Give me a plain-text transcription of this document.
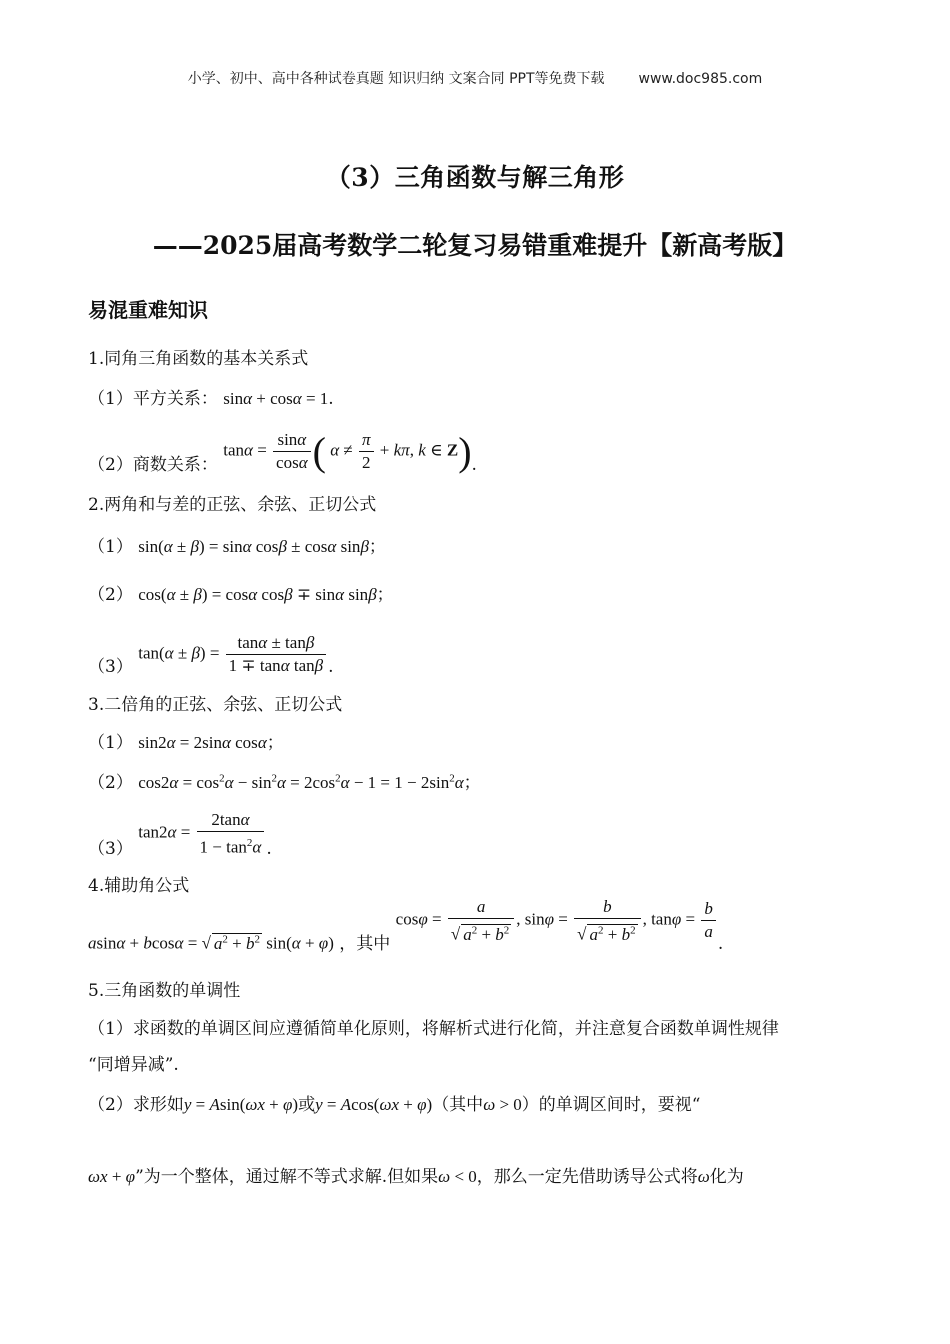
小学、初中、高中各种试卷真题 知识归纳 文案合同 PPT等免费下载 www.doc985.com
（3）三角函数与解三角形
——2025届高考数学二轮复习易错重难提升【新高考版】
易混重难知识
1.同角三角函数的基本关系式
（1）平方关系： sinα + cosα = 1.
（2）商数关系： $\tan\alpha = \frac{\sin\alpha}{\cos\alpha}$ ( $\alpha \ne \frac{\pi}{2} + k\pi$, k ∈ Z).
2.两角和与差的正弦、余弦、正切公式
（1） sin(α ± β) = sinα cosβ ± cosα sinβ；
（2） cos(α ± β) = cosα cosβ ∓ sinα sinβ；
（3） $\tan(\alpha \pm \beta) = \frac{\tan\alpha \pm \tan\beta}{\text{1 ∓ tanα tanβ}}$ .
3.二倍角的正弦、余弦、正切公式
（1） sin2α = 2sinα cosα；
（2） $\cos 2\alpha = \cos^2\alpha - \sin^2\alpha = 2\cos^2\alpha - 1 = 1 - 2\sin^2\alpha$；
（3） $\tan 2\alpha = \frac{2\tan\alpha}{1 - \tan^2\alpha}$ .
4.辅助角公式
asinα + bcosα = √ $a^2 + b^2$ sin(α + φ) ，其中 $\cos\varphi = \frac{a}{√ a^2 + b^2}$ , $\sin\varphi = \frac{b}{√ a^2 + b^2}$ , $\tan\varphi = \frac{b}{a}$
.
5.三角函数的单调性
（1）求函数的单调区间应遵循简单化原则，将解析式进行化简，并注意复合函数单调性规律
“同增异减”.
（2）求形如y = Asin(ωx + φ)或y = Acos(ωx + φ)（其中ω > 0）的单调区间时，要视“
ωx + φ”为一个整体，通过解不等式求解.但如果ω < 0，那么一定先借助诱导公式将ω化为
